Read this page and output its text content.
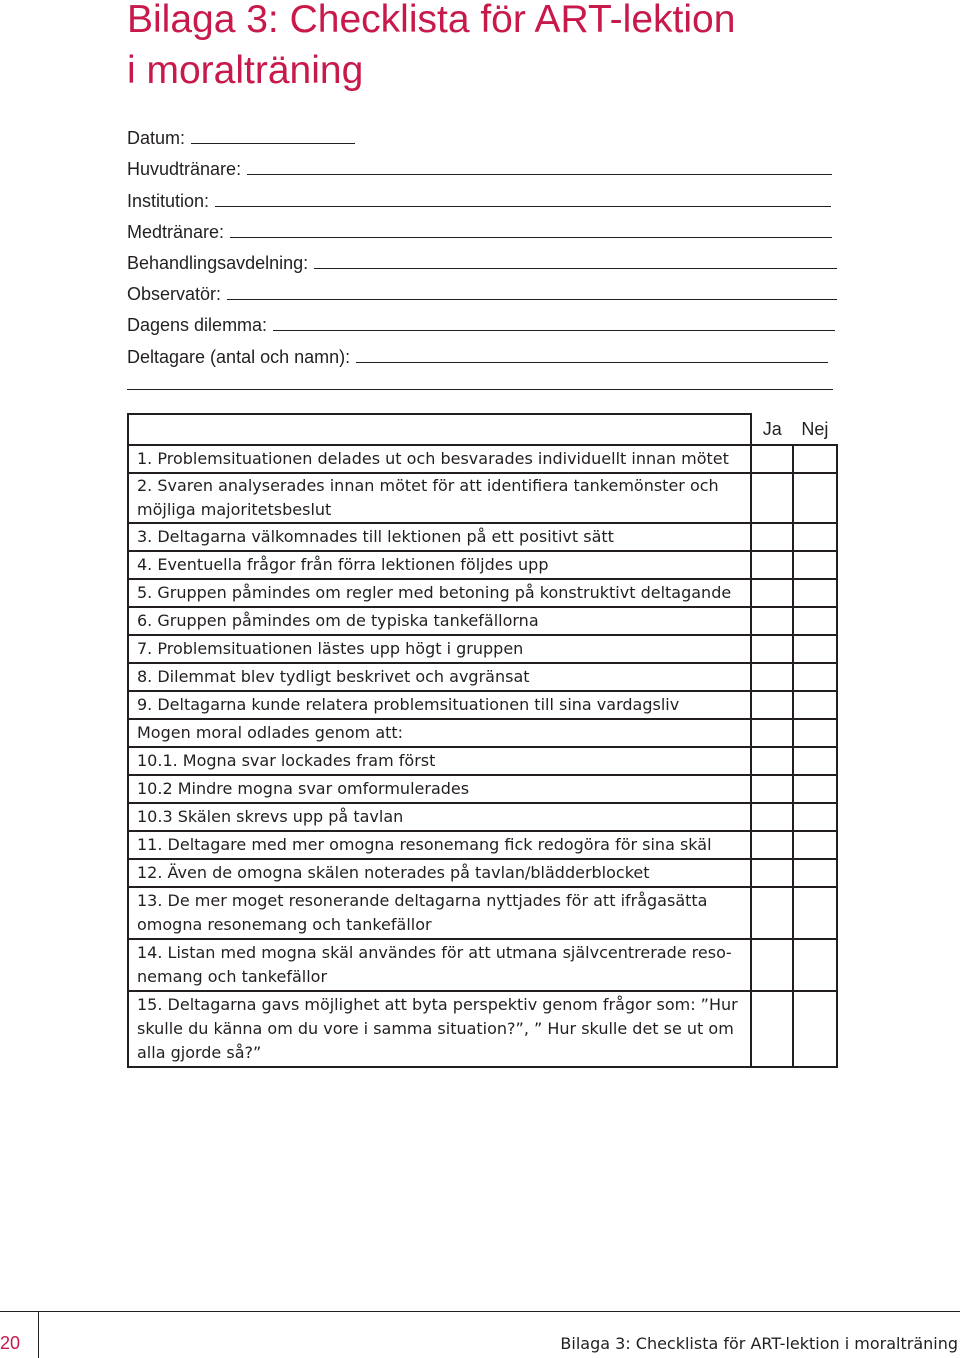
Bilaga 3: Checklista för ART-lektion
i moralträning
Datum:
Huvudtränare:
Institution:
Medtränare:
Behandlingsavdelning:
Observatör:
Dagens dilemma:
Deltagare (antal och namn):
	Ja	Nej
1. Problemsituationen delades ut och besvarades individuellt innan mötet		
2. Svaren analyserades innan mötet för att identifiera tankemönster och möjliga majoritetsbeslut		
3. Deltagarna välkomnades till lektionen på ett positivt sätt		
4. Eventuella frågor från förra lektionen följdes upp		
5. Gruppen påmindes om regler med betoning på konstruktivt deltagande		
6. Gruppen påmindes om de typiska tankefällorna		
7. Problemsituationen lästes upp högt i gruppen		
8. Dilemmat blev tydligt beskrivet och avgränsat		
9. Deltagarna kunde relatera problemsituationen till sina vardagsliv		
Mogen moral odlades genom att:		
10.1. Mogna svar lockades fram först		
10.2 Mindre mogna svar omformulerades		
10.3 Skälen skrevs upp på tavlan		
11. Deltagare med mer omogna resonemang fick redogöra för sina skäl		
12. Även de omogna skälen noterades på tavlan/blädderblocket		
13. De mer moget resonerande deltagarna nyttjades för att ifrågasätta omogna resonemang och tankefällor		
14. Listan med mogna skäl användes för att utmana självcentrerade resonemang och tankefällor		
15. Deltagarna gavs möjlighet att byta perspektiv genom frågor som: ”Hur skulle du känna om du vore i samma situation?”, ” Hur skulle det se ut om alla gjorde så?”		
20	Bilaga 3: Checklista för ART-lektion i moralträning
